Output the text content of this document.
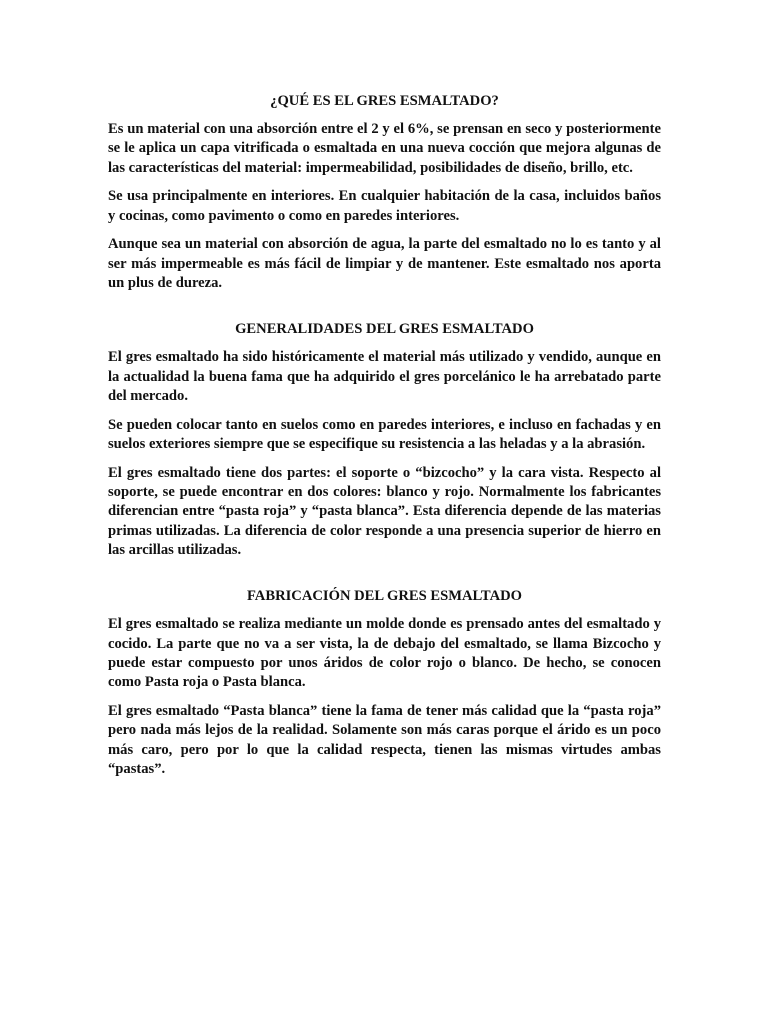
¿QUÉ ES EL GRES ESMALTADO?

Es un material con una absorción entre el 2 y el 6%, se prensan en seco y posteriormente se le aplica un capa vitrificada o esmaltada en una nueva cocción que mejora algunas de las características del material: impermeabilidad, posibilidades de diseño, brillo, etc.

Se usa principalmente en interiores. En cualquier habitación de la casa, incluidos baños y cocinas, como pavimento o como en paredes interiores.

Aunque sea un material con absorción de agua, la parte del esmaltado no lo es tanto y al ser más impermeable es más fácil de limpiar y de mantener. Este esmaltado nos aporta un plus de dureza.

GENERALIDADES DEL GRES ESMALTADO

El gres esmaltado ha sido históricamente el material más utilizado y vendido, aunque en la actualidad la buena fama que ha adquirido el gres porcelánico le ha arrebatado parte del mercado.

Se pueden colocar tanto en suelos como en paredes interiores, e incluso en fachadas y en suelos exteriores siempre que se especifique su resistencia a las heladas y a la abrasión.

El gres esmaltado tiene dos partes: el soporte o “bizcocho” y la cara vista. Respecto al soporte, se puede encontrar en dos colores: blanco y rojo. Normalmente los fabricantes diferencian entre “pasta roja” y “pasta blanca”. Esta diferencia depende de las materias primas utilizadas. La diferencia de color responde a una presencia superior de hierro en las arcillas utilizadas.

FABRICACIÓN DEL GRES ESMALTADO

El gres esmaltado se realiza mediante un molde donde es prensado antes del esmaltado y cocido. La parte que no va a ser vista, la de debajo del esmaltado, se llama Bizcocho y puede estar compuesto por unos áridos de color rojo o blanco. De hecho, se conocen como Pasta roja o Pasta blanca.

El gres esmaltado “Pasta blanca” tiene la fama de tener más calidad que la “pasta roja” pero nada más lejos de la realidad. Solamente son más caras porque el árido es un poco más caro, pero por lo que la calidad respecta, tienen las mismas virtudes ambas “pastas”.
